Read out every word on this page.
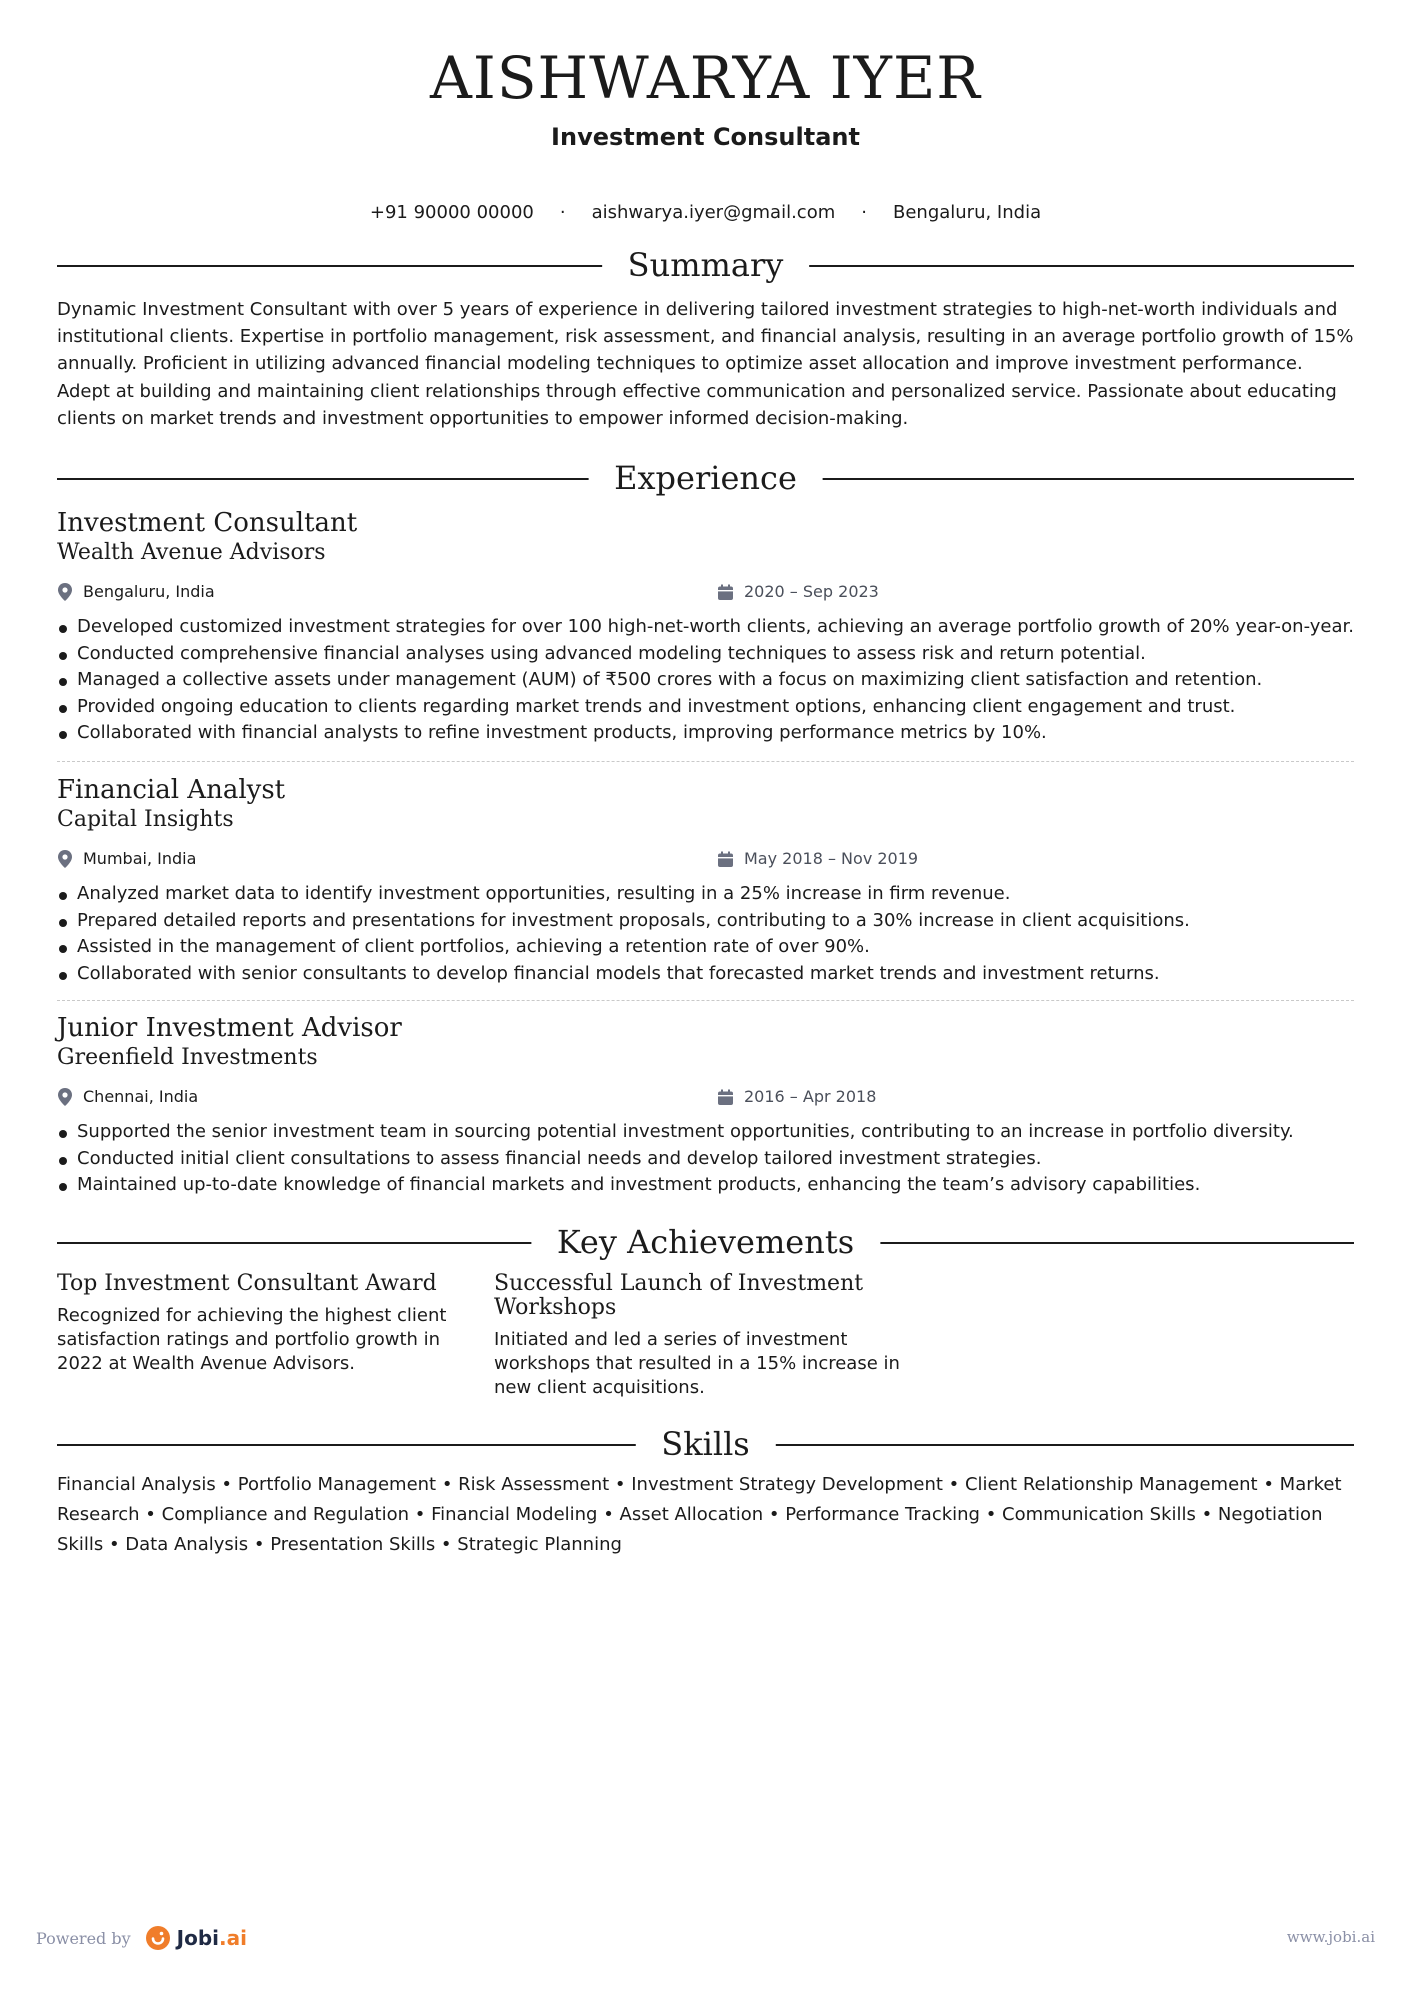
AISHWARYA IYER
Investment Consultant
+91 90000 00000 · aishwarya.iyer@gmail.com · Bengaluru, India
Summary
Dynamic Investment Consultant with over 5 years of experience in delivering tailored investment strategies to high-net-worth individuals and institutional clients. Expertise in portfolio management, risk assessment, and financial analysis, resulting in an average portfolio growth of 15% annually. Proficient in utilizing advanced financial modeling techniques to optimize asset allocation and improve investment performance. Adept at building and maintaining client relationships through effective communication and personalized service. Passionate about educating clients on market trends and investment opportunities to empower informed decision-making.
Experience
Investment Consultant
Wealth Avenue Advisors
Bengaluru, India	2020 – Sep 2023
Developed customized investment strategies for over 100 high-net-worth clients, achieving an average portfolio growth of 20% year-on-year.
Conducted comprehensive financial analyses using advanced modeling techniques to assess risk and return potential.
Managed a collective assets under management (AUM) of ₹500 crores with a focus on maximizing client satisfaction and retention.
Provided ongoing education to clients regarding market trends and investment options, enhancing client engagement and trust.
Collaborated with financial analysts to refine investment products, improving performance metrics by 10%.
Financial Analyst
Capital Insights
Mumbai, India	May 2018 – Nov 2019
Analyzed market data to identify investment opportunities, resulting in a 25% increase in firm revenue.
Prepared detailed reports and presentations for investment proposals, contributing to a 30% increase in client acquisitions.
Assisted in the management of client portfolios, achieving a retention rate of over 90%.
Collaborated with senior consultants to develop financial models that forecasted market trends and investment returns.
Junior Investment Advisor
Greenfield Investments
Chennai, India	2016 – Apr 2018
Supported the senior investment team in sourcing potential investment opportunities, contributing to an increase in portfolio diversity.
Conducted initial client consultations to assess financial needs and develop tailored investment strategies.
Maintained up-to-date knowledge of financial markets and investment products, enhancing the team’s advisory capabilities.
Key Achievements
Top Investment Consultant Award
Recognized for achieving the highest client satisfaction ratings and portfolio growth in 2022 at Wealth Avenue Advisors.
Successful Launch of Investment Workshops
Initiated and led a series of investment workshops that resulted in a 15% increase in new client acquisitions.
Skills
Financial Analysis • Portfolio Management • Risk Assessment • Investment Strategy Development • Client Relationship Management • Market Research • Compliance and Regulation • Financial Modeling • Asset Allocation • Performance Tracking • Communication Skills • Negotiation Skills • Data Analysis • Presentation Skills • Strategic Planning
Powered by Jobi .ai	www.jobi.ai
